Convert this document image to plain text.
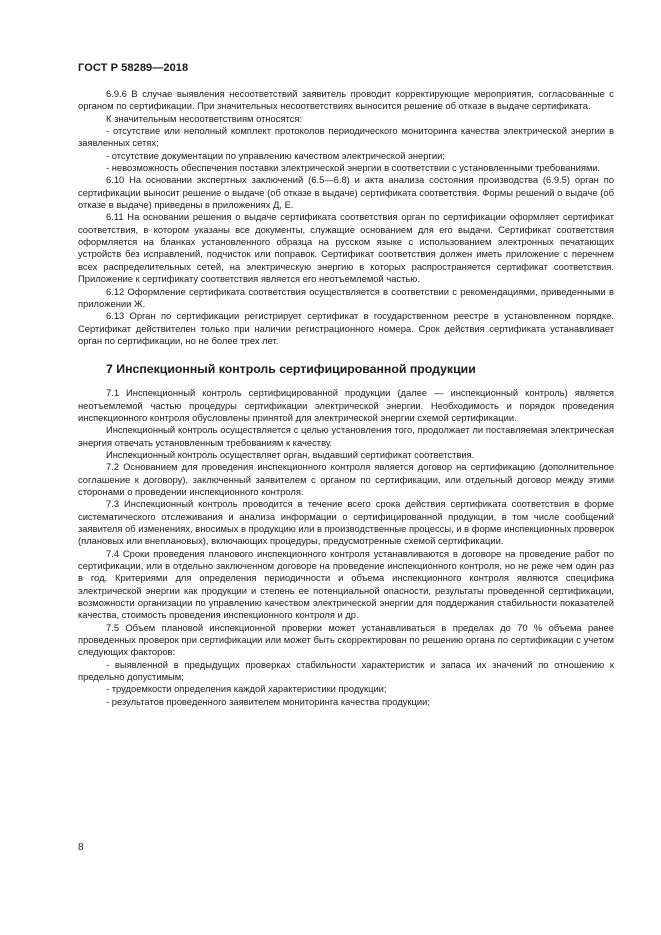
ГОСТ Р 58289—2018

6.9.6 В случае выявления несоответствий заявитель проводит корректирующие мероприятия, согласованные с органом по сертификации. При значительных несоответствиях выносится решение об отказе в выдаче сертификата.

К значительным несоответствиям относятся:

- отсутствие или неполный комплект протоколов периодического мониторинга качества электрической энергии в заявленных сетях;

- отсутствие документации по управлению качеством электрической энергии;

- невозможность обеспечения поставки электрической энергии в соответствии с установленными требованиями.

6.10 На основании экспертных заключений (6.5—6.8) и акта анализа состояния производства (6.9.5) орган по сертификации выносит решение о выдаче (об отказе в выдаче) сертификата соответствия. Формы решений о выдаче (об отказе в выдаче) приведены в приложениях Д, Е.

6.11 На основании решения о выдаче сертификата соответствия орган по сертификации оформляет сертификат соответствия, в котором указаны все документы, служащие основанием для его выдачи. Сертификат соответствия оформляется на бланках установленного образца на русском языке с использованием электронных печатающих устройств без исправлений, подчисток или поправок. Сертификат соответствия должен иметь приложение с перечнем всех распределительных сетей, на электрическую энергию в которых распространяется сертификат соответствия. Приложение к сертификату соответствия является его неотъемлемой частью.

6.12 Оформление сертификата соответствия осуществляется в соответствии с рекомендациями, приведенными в приложении Ж.

6.13 Орган по сертификации регистрирует сертификат в государственном реестре в установленном порядке. Сертификат действителен только при наличии регистрационного номера. Срок действия сертификата устанавливает орган по сертификации, но не более трех лет.

7 Инспекционный контроль сертифицированной продукции

7.1 Инспекционный контроль сертифицированной продукции (далее — инспекционный контроль) является неотъемлемой частью процедуры сертификации электрической энергии. Необходимость и порядок проведения инспекционного контроля обусловлены принятой для электрической энергии схемой сертификации.

Инспекционный контроль осуществляется с целью установления того, продолжает ли поставляемая электрическая энергия отвечать установленным требованиям к качеству.

Инспекционный контроль осуществляет орган, выдавший сертификат соответствия.

7.2 Основанием для проведения инспекционного контроля является договор на сертификацию (дополнительное соглашение к договору), заключенный заявителем с органом по сертификации, или отдельный договор между этими сторонами о проведении инспекционного контроля.

7.3 Инспекционный контроль проводится в течение всего срока действия сертификата соответствия в форме систематического отслеживания и анализа информации о сертифицированной продукции, в том числе сообщений заявителя об изменениях, вносимых в продукцию или в производственные процессы, и в форме инспекционных проверок (плановых или внеплановых), включающих процедуры, предусмотренные схемой сертификации.

7.4 Сроки проведения планового инспекционного контроля устанавливаются в договоре на проведение работ по сертификации, или в отдельно заключенном договоре на проведение инспекционного контроля, но не реже чем один раз в год. Критериями для определения периодичности и объема инспекционного контроля являются специфика электрической энергии как продукции и степень ее потенциальной опасности, результаты проведенной сертификации, возможности организации по управлению качеством электрической энергии для поддержания стабильности показателей качества, стоимость проведения инспекционного контроля и др.

7.5 Объем плановой инспекционной проверки может устанавливаться в пределах до 70 % объема ранее проведенных проверок при сертификации или может быть скорректирован по решению органа по сертификации с учетом следующих факторов:

- выявленной в предыдущих проверках стабильности характеристик и запаса их значений по отношению к предельно допустимым;

- трудоемкости определения каждой характеристики продукции;

- результатов проведенного заявителем мониторинга качества продукции;

8
